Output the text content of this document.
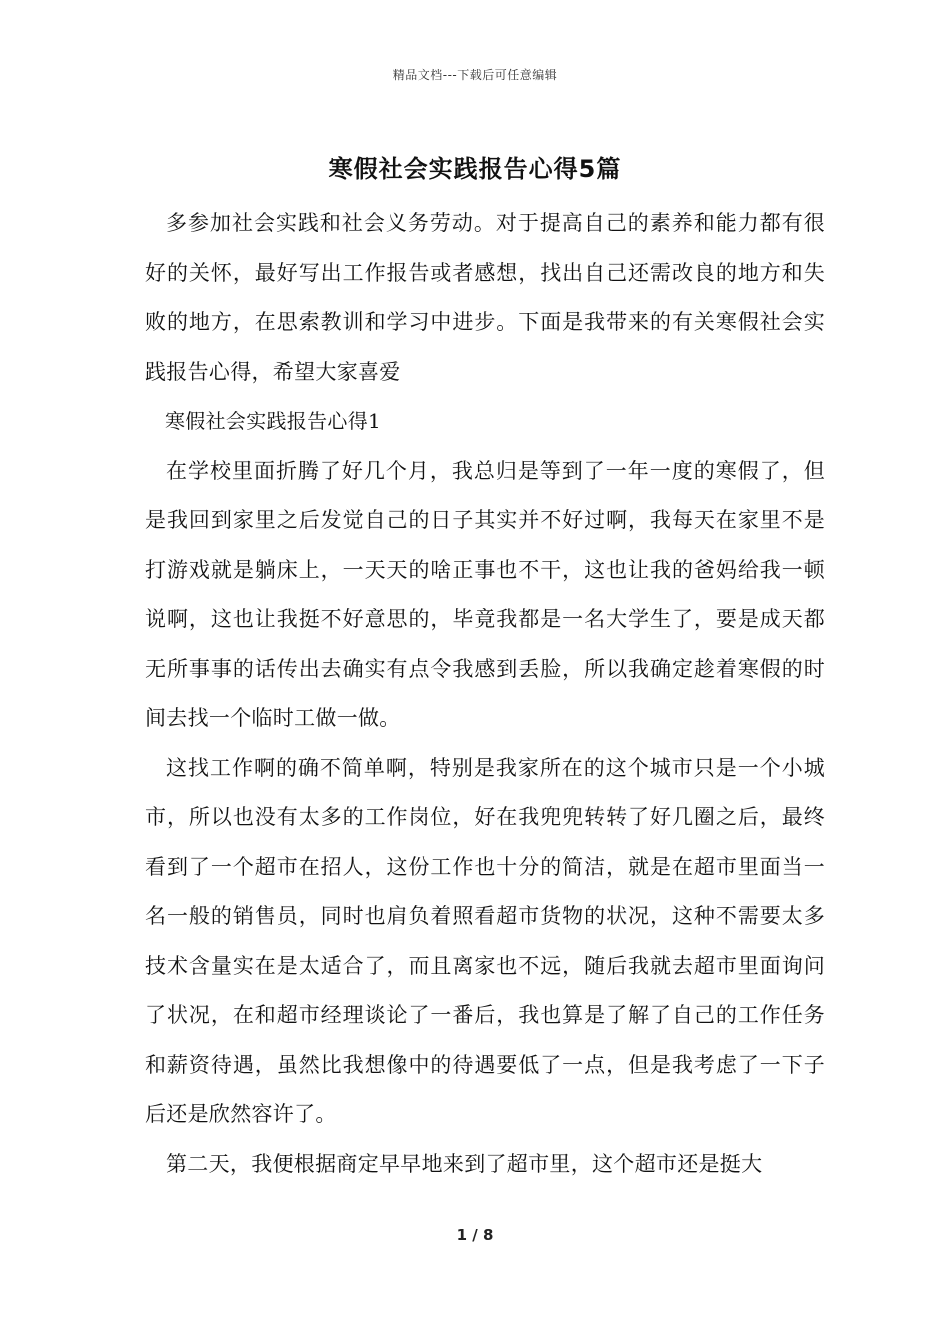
精品文档---下载后可任意编辑
寒假社会实践报告心得5篇

多参加社会实践和社会义务劳动。对于提高自己的素养和能力都有很好的关怀，最好写出工作报告或者感想，找出自己还需改良的地方和失败的地方，在思索教训和学习中进步。下面是我带来的有关寒假社会实践报告心得，希望大家喜爱

寒假社会实践报告心得1

在学校里面折腾了好几个月，我总归是等到了一年一度的寒假了，但是我回到家里之后发觉自己的日子其实并不好过啊，我每天在家里不是打游戏就是躺床上，一天天的啥正事也不干，这也让我的爸妈给我一顿说啊，这也让我挺不好意思的，毕竟我都是一名大学生了，要是成天都无所事事的话传出去确实有点令我感到丢脸，所以我确定趁着寒假的时间去找一个临时工做一做。

这找工作啊的确不简单啊，特别是我家所在的这个城市只是一个小城市，所以也没有太多的工作岗位，好在我兜兜转转了好几圈之后，最终看到了一个超市在招人，这份工作也十分的简洁，就是在超市里面当一名一般的销售员，同时也肩负着照看超市货物的状况，这种不需要太多技术含量实在是太适合了，而且离家也不远，随后我就去超市里面询问了状况，在和超市经理谈论了一番后，我也算是了解了自己的工作任务和薪资待遇，虽然比我想像中的待遇要低了一点，但是我考虑了一下子后还是欣然容许了。

第二天，我便根据商定早早地来到了超市里，这个超市还是挺大

1 / 8
